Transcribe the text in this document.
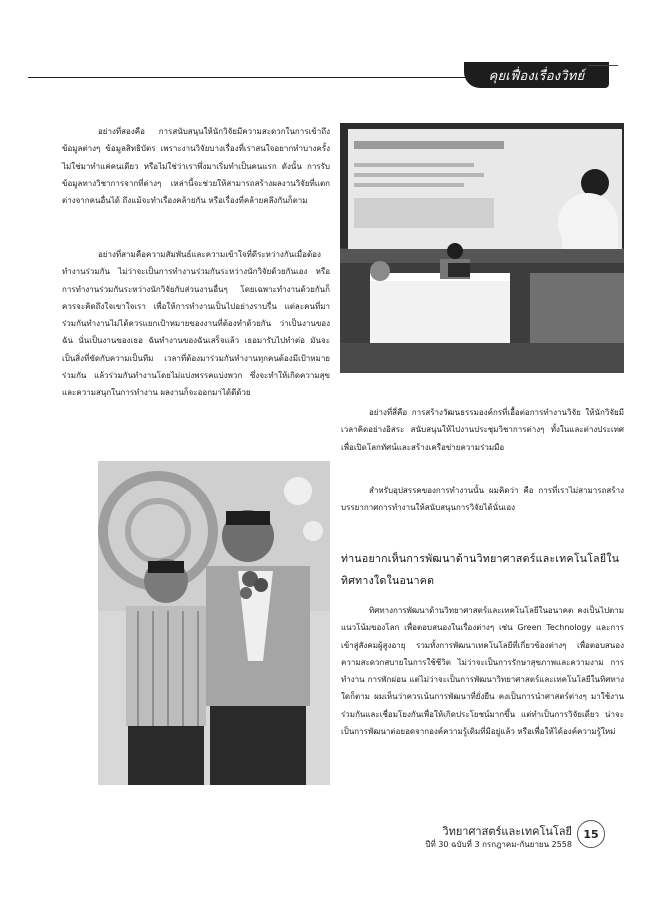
คุยเฟื่องเรื่องวิทย์

อย่างที่สองคือ การสนับสนุนให้นักวิจัยมีความสะดวกในการเข้าถึงข้อมูลต่างๆ ข้อมูลสิทธิบัตร เพราะงานวิจัยบางเรื่องที่เราสนใจอยากทำบางครั้งไม่ใช่มาทำแค่คนเดียว หรือไม่ใช่ว่าเราพึ่งมาเริ่มทำเป็นคนแรก ดังนั้น การรับข้อมูลทางวิชาการจากที่ต่างๆ เหล่านี้จะช่วยให้สามารถสร้างผลงานวิจัยที่แตกต่างจากคนอื่นได้ ถึงแม้จะทำเรื่องคล้ายกัน หรือเรื่องที่คล้ายคลึงกันก็ตาม

อย่างที่สามคือความสัมพันธ์และความเข้าใจที่ดีระหว่างกันเมื่อต้องทำงานร่วมกัน ไม่ว่าจะเป็นการทำงานร่วมกันระหว่างนักวิจัยด้วยกันเอง หรือการทำงานร่วมกันระหว่างนักวิจัยกับส่วนงานอื่นๆ โดยเฉพาะทำงานด้วยกันก็ควรจะคิดถึงใจเขาใจเรา เพื่อให้การทำงานเป็นไปอย่างราบรื่น แต่ละคนที่มาร่วมกันทำงานไม่ได้ควรแยกเป้าหมายของงานที่ต้องทำด้วยกัน ว่าเป็นงานของฉัน นั่นเป็นงานของเธอ ฉันทำงานของฉันเสร็จแล้ว เธอมารับไปทำต่อ มันจะเป็นสิ่งที่ขัดกับความเป็นทีม เวลาที่ต้องมาร่วมกันทำงานทุกคนต้องมีเป้าหมายร่วมกัน แล้วร่วมกันทำงานโดยไม่แบ่งพรรคแบ่งพวก ซึ่งจะทำให้เกิดความสุขและความสนุกในการทำงาน ผลงานก็จะออกมาได้ดีด้วย

อย่างที่สี่คือ การสร้างวัฒนธรรมองค์กรที่เอื้อต่อการทำงานวิจัย ให้นักวิจัยมีเวลาคิดอย่างอิสระ สนับสนุนให้ไปงานประชุมวิชาการต่างๆ ทั้งในและต่างประเทศ เพื่อเปิดโลกทัศน์และสร้างเครือข่ายความร่วมมือ

สำหรับอุปสรรคของการทำงานนั้น ผมคิดว่า คือ การที่เราไม่สามารถสร้างบรรยากาศการทำงานให้สนับสนุนการวิจัยได้นั่นเอง

ท่านอยากเห็นการพัฒนาด้านวิทยาศาสตร์และเทคโนโลยีในทิศทางใดในอนาคต

ทิศทางการพัฒนาด้านวิทยาศาสตร์และเทคโนโลยีในอนาคต คงเป็นไปตามแนวโน้มของโลก เพื่อตอบสนองในเรื่องต่างๆ เช่น Green Technology และการเข้าสู่สังคมผู้สูงอายุ รวมทั้งการพัฒนาเทคโนโลยีที่เกี่ยวข้องต่างๆ เพื่อตอบสนองความสะดวกสบายในการใช้ชีวิต ไม่ว่าจะเป็นการรักษาสุขภาพและความงาม การทำงาน การพักผ่อน แต่ไม่ว่าจะเป็นการพัฒนาวิทยาศาสตร์และเทคโนโลยีในทิศทางใดก็ตาม ผมเห็นว่าควรเน้นการพัฒนาที่ยั่งยืน คงเป็นการนำศาสตร์ต่างๆ มาใช้งานร่วมกันและเชื่อมโยงกันเพื่อให้เกิดประโยชน์มากขึ้น แต่ทำเป็นการวิจัยเดี่ยว น่าจะเป็นการพัฒนาต่อยอดจากองค์ความรู้เดิมที่มีอยู่แล้ว หรือเพื่อให้ได้องค์ความรู้ใหม่

วิทยาศาสตร์และเทคโนโลยี
ปีที่ 30 ฉบับที่ 3 กรกฎาคม-กันยายน 2558
15
